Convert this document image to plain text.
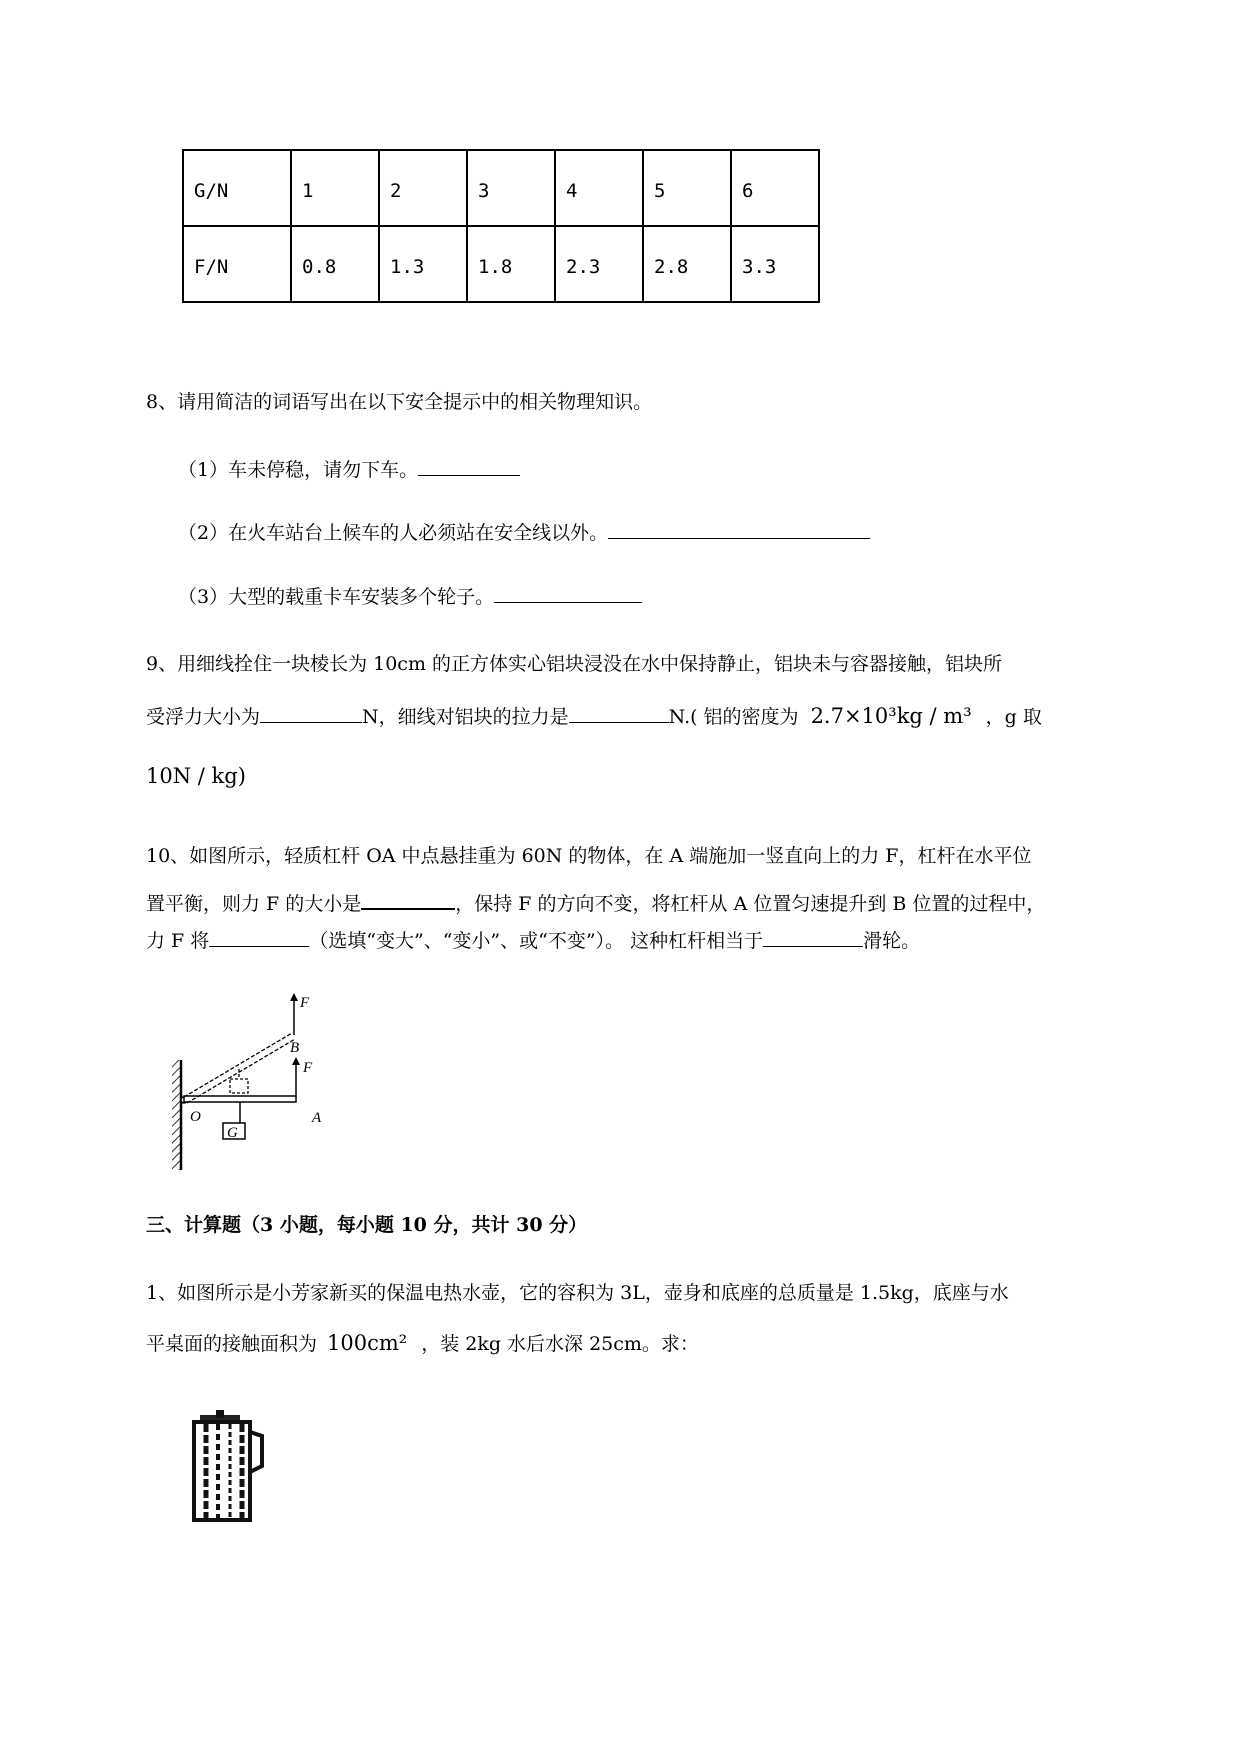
G/N	1	2	3	4	5	6
F/N	0.8	1.3	1.8	2.3	2.8	3.3
8、请用简洁的词语写出在以下安全提示中的相关物理知识。
（1）车未停稳，请勿下车。
（2）在火车站台上候车的人必须站在安全线以外。
（3）大型的载重卡车安装多个轮子。
9、用细线拴住一块棱长为 10cm 的正方体实心铝块浸没在水中保持静止，铝块未与容器接触，铝块所
受浮力大小为	N，细线对铝块的拉力是	N.( 铝的密度为 2.7×10³kg / m³ ，g 取
10N / kg)
10、如图所示，轻质杠杆 OA 中点悬挂重为 60N 的物体，在 A 端施加一竖直向上的力 F，杠杆在水平位
置平衡，则力 F 的大小是	，保持 F 的方向不变，将杠杆从 A 位置匀速提升到 B 位置的过程中，
力 F 将	（选填“变大”、“变小”、或“不变”）。 这种杠杆相当于	滑轮。
F
B
F
O	A
G
三、计算题（3 小题，每小题 10 分，共计 30 分）
1、如图所示是小芳家新买的保温电热水壶，它的容积为 3L，壶身和底座的总质量是 1.5kg，底座与水
平桌面的接触面积为 100cm² ，装 2kg 水后水深 25cm。求：
